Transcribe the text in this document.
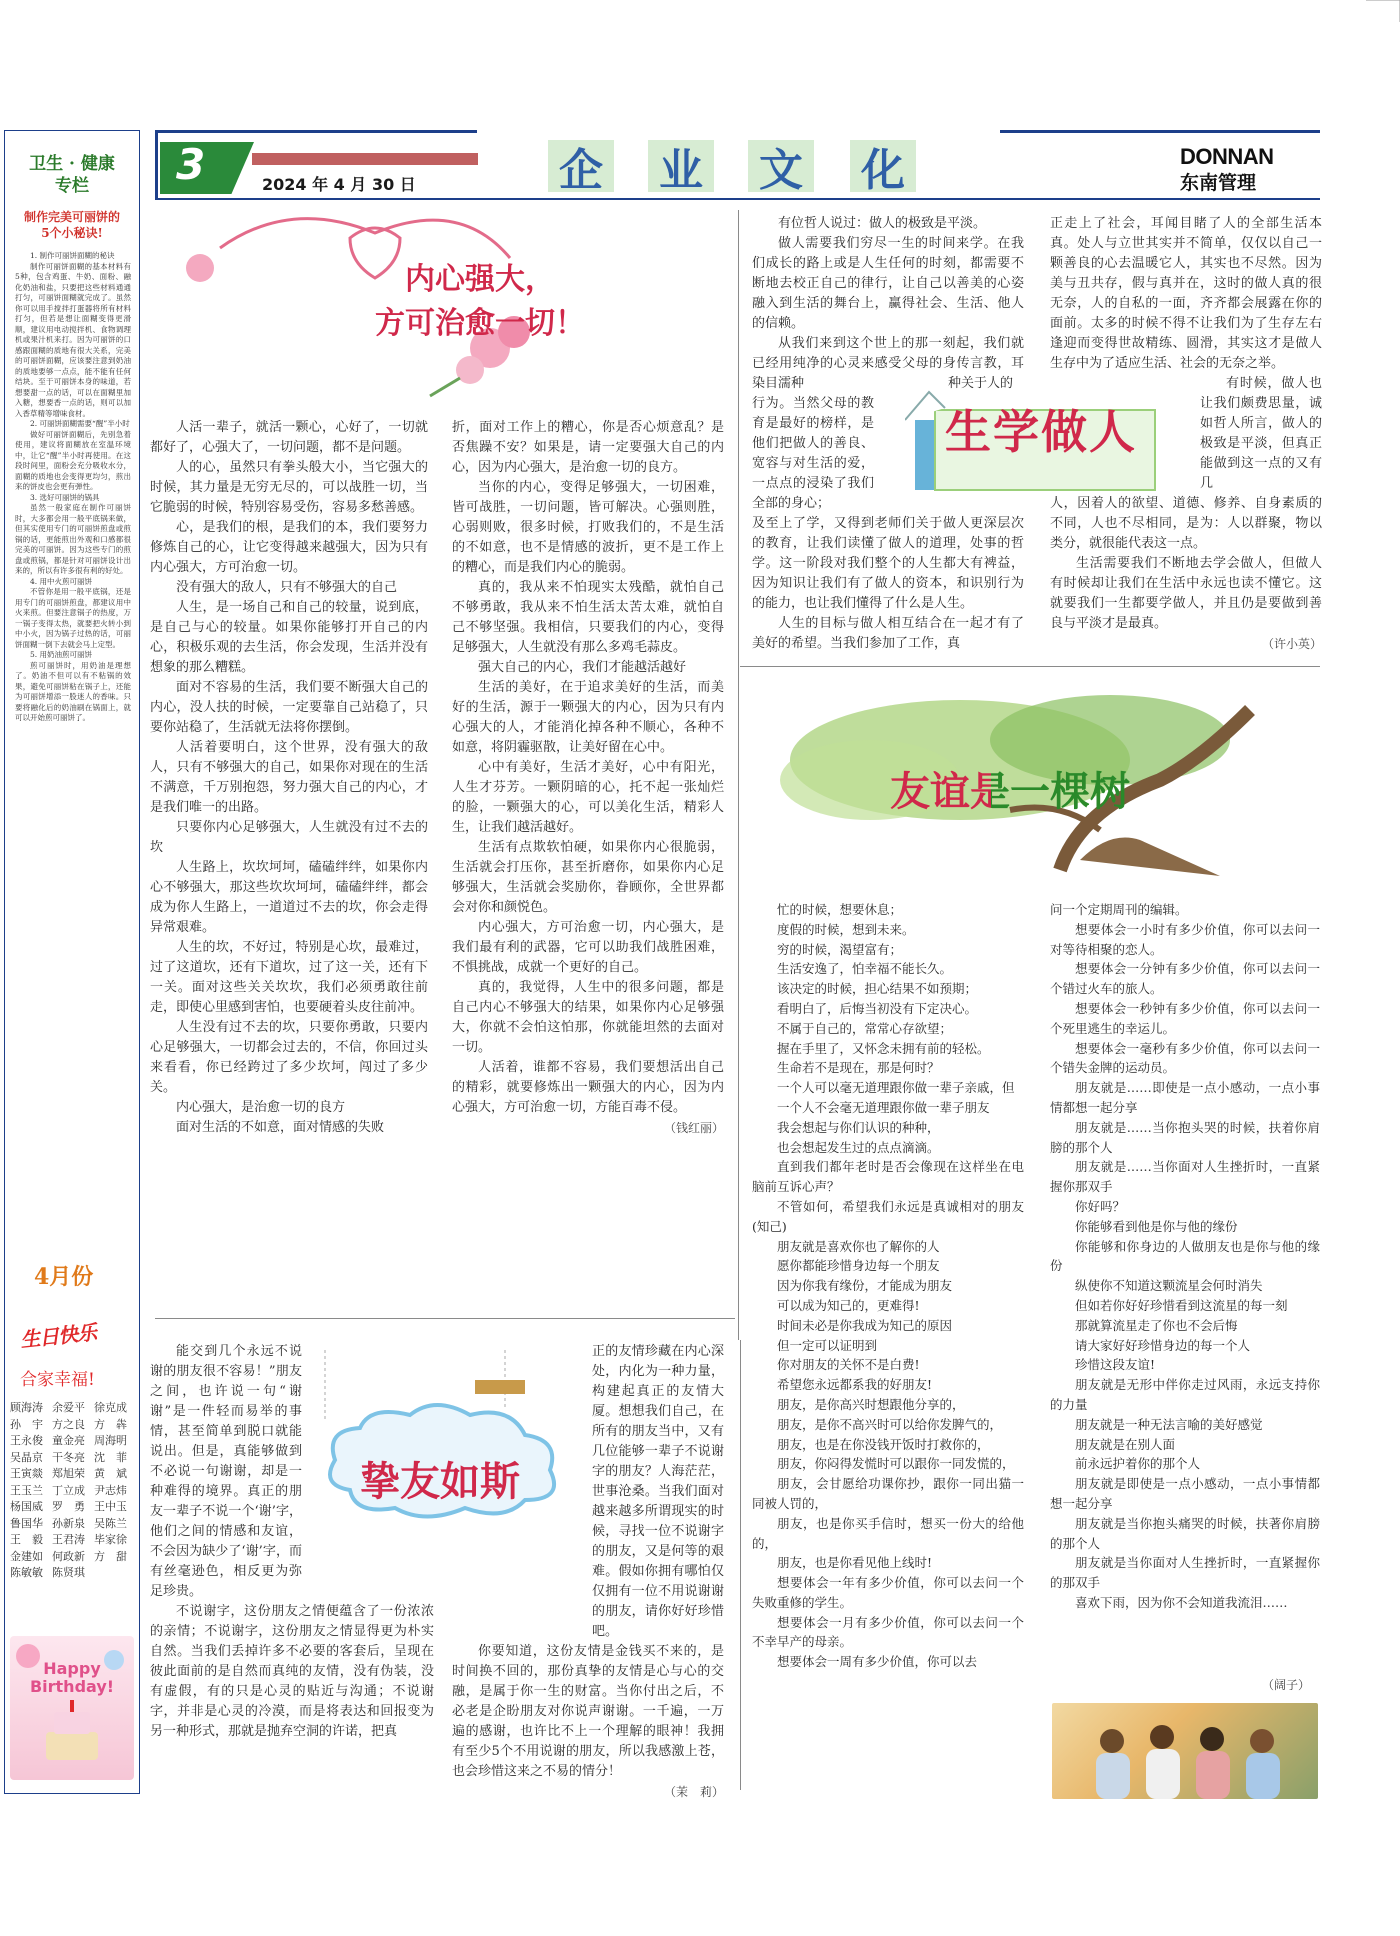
卫生 · 健康
专栏
制作完美可丽饼的
5个小秘诀!

1. 制作可丽饼面糊的秘诀

制作可丽饼面糊的基本材料有5种，包含鸡蛋、牛奶、面粉、融化奶油和盐，只要把这些材料通通打匀，可丽饼面糊就完成了。虽然你可以用手搅拌打蛋器将所有材料打匀，但若是想让面糊变得更滑顺，建议用电动搅拌机、食物调理机或果汁机来打。因为可丽饼的口感跟面糊的质地有很大关系，完美的可丽饼面糊，应该要注意到奶油的质地要够一点点，能不能有任何结块。至于可丽饼本身的味道，若想要甜一点的话，可以在面糊里加入糖，想要香一点的话，则可以加入香草精等增味食材。

2. 可丽饼面糊需要“醒”半小时

做好可丽饼面糊后，先别急着使用，建议将面糊放在室温环境中，让它“醒”半小时再使用。在这段时间里，面粉会充分吸收水分，面糊的质地也会变得更均匀，煎出来的饼皮也会更有弹性。

3. 选好可丽饼的锅具

虽然一般家庭在制作可丽饼时，大多都会用一般平底锅来做，但其实使用专门的可丽饼煎盘或煎锅的话，更能煎出外观和口感都很完美的可丽饼。因为这些专门的煎盘或煎锅，都是针对可丽饼设计出来的，所以有许多很有利的好处。

4. 用中火煎可丽饼

不管你是用一般平底锅，还是用专门的可丽饼煎盘，都建议用中火来煎。但要注意锅子的热度，万一锅子变得太热，就要把火转小到中小火，因为锅子过热的话，可丽饼面糊一倒下去就会马上定型。

5. 用奶油煎可丽饼

煎可丽饼时，用奶油是理想了。奶油不但可以有不粘锅的效果，避免可丽饼粘在锅子上，还能为可丽饼增添一股迷人的香味。只要将融化后的奶油刷在锅面上，就可以开始煎可丽饼了。

4月份
生日快乐
合家幸福!
顾海涛 余爱平 徐克成
孙　宇 方之良 方　犇
王永俊 童金亮 周海明
吴晶京 干冬亮 沈　菲
王寅燚 郑旭荣 黄　斌
王玉兰 丁立成 尹志炜
杨国威 罗　勇 王中玉
鲁国华 孙新泉 吴陈兰
王　毅 王君涛 毕家徐
金建如 何政新 方　甜
陈敏敏 陈贤琪
Happy Birthday!
3	2024 年 4 月 30 日	企 业 文 化	DONNAN
东南管理
内心强大，
方可治愈一切！

人活一辈子，就活一颗心，心好了，一切就都好了，心强大了，一切问题，都不是问题。

人的心，虽然只有拳头般大小，当它强大的时候，其力量是无穷无尽的，可以战胜一切，当它脆弱的时候，特别容易受伤，容易多愁善感。

心，是我们的根，是我们的本，我们要努力修炼自己的心，让它变得越来越强大，因为只有内心强大，方可治愈一切。

没有强大的敌人，只有不够强大的自己

人生，是一场自己和自己的较量，说到底，是自己与心的较量。如果你能够打开自己的内心，积极乐观的去生活，你会发现，生活并没有想象的那么糟糕。

面对不容易的生活，我们要不断强大自己的内心，没人扶的时候，一定要靠自己站稳了，只要你站稳了，生活就无法将你摆倒。

人活着要明白，这个世界，没有强大的敌人，只有不够强大的自己，如果你对现在的生活不满意，千万别抱怨，努力强大自己的内心，才是我们唯一的出路。

只要你内心足够强大，人生就没有过不去的坎

人生路上，坎坎坷坷，磕磕绊绊，如果你内心不够强大，那这些坎坎坷坷，磕磕绊绊，都会成为你人生路上，一道道过不去的坎，你会走得异常艰难。

人生的坎，不好过，特别是心坎，最难过，过了这道坎，还有下道坎，过了这一关，还有下一关。面对这些关关坎坎，我们必须勇敢往前走，即使心里感到害怕，也要硬着头皮往前冲。

人生没有过不去的坎，只要你勇敢，只要内心足够强大，一切都会过去的，不信，你回过头来看看，你已经跨过了多少坎坷，闯过了多少关。

内心强大，是治愈一切的良方

面对生活的不如意，面对情感的失败

折，面对工作上的糟心，你是否心烦意乱？是否焦躁不安？如果是，请一定要强大自己的内心，因为内心强大，是治愈一切的良方。

当你的内心，变得足够强大，一切困难，皆可战胜，一切问题，皆可解决。心强则胜，心弱则败，很多时候，打败我们的，不是生活的不如意，也不是情感的波折，更不是工作上的糟心，而是我们内心的脆弱。

真的，我从来不怕现实太残酷，就怕自己不够勇敢，我从来不怕生活太苦太难，就怕自己不够坚强。我相信，只要我们的内心，变得足够强大，人生就没有那么多鸡毛蒜皮。

强大自己的内心，我们才能越活越好

生活的美好，在于追求美好的生活，而美好的生活，源于一颗强大的内心，因为只有内心强大的人，才能消化掉各种不顺心，各种不如意，将阴霾驱散，让美好留在心中。

心中有美好，生活才美好，心中有阳光，人生才芬芳。一颗阴暗的心，托不起一张灿烂的脸，一颗强大的心，可以美化生活，精彩人生，让我们越活越好。

生活有点欺软怕硬，如果你内心很脆弱，生活就会打压你，甚至折磨你，如果你内心足够强大，生活就会奖励你，眷顾你，全世界都会对你和颜悦色。

内心强大，方可治愈一切，内心强大，是我们最有利的武器，它可以助我们战胜困难，不惧挑战，成就一个更好的自己。

真的，我觉得，人生中的很多问题，都是自己内心不够强大的结果，如果你内心足够强大，你就不会怕这怕那，你就能坦然的去面对一切。

人活着，谁都不容易，我们要想活出自己的精彩，就要修炼出一颗强大的内心，因为内心强大，方可治愈一切，方能百毒不侵。

（钱红丽）
挚友如斯

能交到几个永远不说谢的朋友很不容易！”朋友之间，也许说一句“谢谢”是一件轻而易举的事情，甚至简单到脱口就能说出。但是，真能够做到不必说一句谢谢，却是一种难得的境界。真正的朋友一辈子不说一个‘谢’字，他们之间的情感和友谊，不会因为缺少了‘谢’字，而有丝毫逊色，相反更为弥足珍贵。

不说谢字，这份朋友之情便蕴含了一份浓浓的亲情；不说谢字，这份朋友之情显得更为朴实自然。当我们丢掉许多不必要的客套后，呈现在彼此面前的是自然而真纯的友情，没有伪装，没有虚假，有的只是心灵的贴近与沟通；不说谢字，并非是心灵的冷漠，而是将表达和回报变为另一种形式，那就是抛弃空洞的许诺，把真

正的友情珍藏在内心深处，内化为一种力量，构建起真正的友情大厦。想想我们自己，在所有的朋友当中，又有几位能够一辈子不说谢字的朋友？人海茫茫，世事沧桑。当我们面对越来越多所谓现实的时候，寻找一位不说谢字的朋友，又是何等的艰难。假如你拥有哪怕仅仅拥有一位不用说谢谢的朋友，请你好好珍惜吧。

你要知道，这份友情是金钱买不来的，是时间换不回的，那份真挚的友情是心与心的交融，是属于你一生的财富。当你付出之后，不必老是企盼朋友对你说声谢谢。一千遍，一万遍的感谢，也许比不上一个理解的眼神！我拥有至少5个不用说谢的朋友，所以我感激上苍，也会珍惜这来之不易的情分！

（茉　莉）
生学做人

有位哲人说过：做人的极致是平淡。

做人需要我们穷尽一生的时间来学。在我们成长的路上或是人生任何的时刻，都需要不断地去校正自己的律行，让自己以善美的心姿融入到生活的舞台上，赢得社会、生活、他人的信赖。

从我们来到这个世上的那一刻起，我们就已经用纯净的心灵来感受父母的身传言教，耳染目濡种	种关于人的

行为。当然父母的教育是最好的榜样，是他们把做人的善良、宽容与对生活的爱，一点点的浸染了我们全部的身心；

及至上了学，又得到老师们关于做人更深层次的教育，让我们读懂了做人的道理，处事的哲学。这一阶段对我们整个的人生都大有裨益，因为知识让我们有了做人的资本，和识别行为的能力，也让我们懂得了什么是人生。

人生的目标与做人相互结合在一起才有了美好的希望。当我们参加了工作，真

正走上了社会，耳闻目睹了人的全部生活本真。处人与立世其实并不简单，仅仅以自己一颗善良的心去温暖它人，其实也不尽然。因为美与丑共存，假与真并在，这时的做人真的很无奈，人的自私的一面，齐齐都会展露在你的面前。太多的时候不得不让我们为了生存左右逢迎而变得世故精练、圆滑，其实这才是做人生存中为了适应生活、社会的无奈之举。

有时候，做人也让我们颇费思量，诚如哲人所言，做人的极致是平淡，但真正能做到这一点的又有几

人，因着人的欲望、道德、修养、自身素质的不同，人也不尽相同，是为：人以群聚，物以类分，就很能代表这一点。

生活需要我们不断地去学会做人，但做人有时候却让我们在生活中永远也读不懂它。这就要我们一生都要学做人，并且仍是要做到善良与平淡才是最真。

（许小英）
友谊是一棵树

忙的时候，想要休息；

度假的时候，想到未来。

穷的时候，渴望富有；

生活安逸了，怕幸福不能长久。

该决定的时候，担心结果不如预期；

看明白了，后悔当初没有下定决心。

不属于自己的，常常心存欲望；

握在手里了，又怀念未拥有前的轻松。

生命若不是现在，那是何时？

一个人可以毫无道理跟你做一辈子亲戚，但

一个人不会毫无道理跟你做一辈子朋友

我会想起与你们认识的种种，

也会想起发生过的点点滴滴。

直到我们都年老时是否会像现在这样坐在电脑前互诉心声？

不管如何，希望我们永远是真诚相对的朋友(知己)

朋友就是喜欢你也了解你的人

愿你都能珍惜身边每一个朋友

因为你我有缘份，才能成为朋友

可以成为知己的，更难得!

时间未必是你我成为知己的原因

但一定可以证明到

你对朋友的关怀不是白费!

希望您永远都系我的好朋友!

朋友，是你高兴时想跟他分享的，

朋友，是你不高兴时可以给你发脾气的，

朋友，也是在你没钱开饭时打救你的，

朋友，你闷得发慌时可以跟你一同发慌的，

朋友，会甘愿给功课你抄，跟你一同出猫一同被人罚的，

朋友，也是你买手信时，想买一份大的给他的，

朋友，也是你看见他上线时!

想要体会一年有多少价值，你可以去问一个失败重修的学生。

想要体会一月有多少价值，你可以去问一个不幸早产的母亲。

想要体会一周有多少价值，你可以去

问一个定期周刊的编辑。

想要体会一小时有多少价值，你可以去问一对等待相聚的恋人。

想要体会一分钟有多少价值，你可以去问一个错过火车的旅人。

想要体会一秒钟有多少价值，你可以去问一个死里逃生的幸运儿。

想要体会一毫秒有多少价值，你可以去问一个错失金牌的运动员。

朋友就是……即使是一点小感动，一点小事情都想一起分享

朋友就是……当你抱头哭的时候，扶着你肩膀的那个人

朋友就是……当你面对人生挫折时，一直紧握你那双手

你好吗？

你能够看到他是你与他的缘份

你能够和你身边的人做朋友也是你与他的缘份

纵使你不知道这颗流星会何时消失

但如若你好好珍惜看到这流星的每一刻

那就算流星走了你也不会后悔

请大家好好珍惜身边的每一个人

珍惜这段友谊!

朋友就是无形中伴你走过风雨，永远支持你的力量

朋友就是一种无法言喻的美好感觉

朋友就是在别人面

前永远护着你的那个人

朋友就是即使是一点小感动，一点小事情都想一起分享

朋友就是当你抱头痛哭的时候，扶著你肩膀的那个人

朋友就是当你面对人生挫折时，一直紧握你的那双手

喜欢下雨，因为你不会知道我流泪……

（阔子）
